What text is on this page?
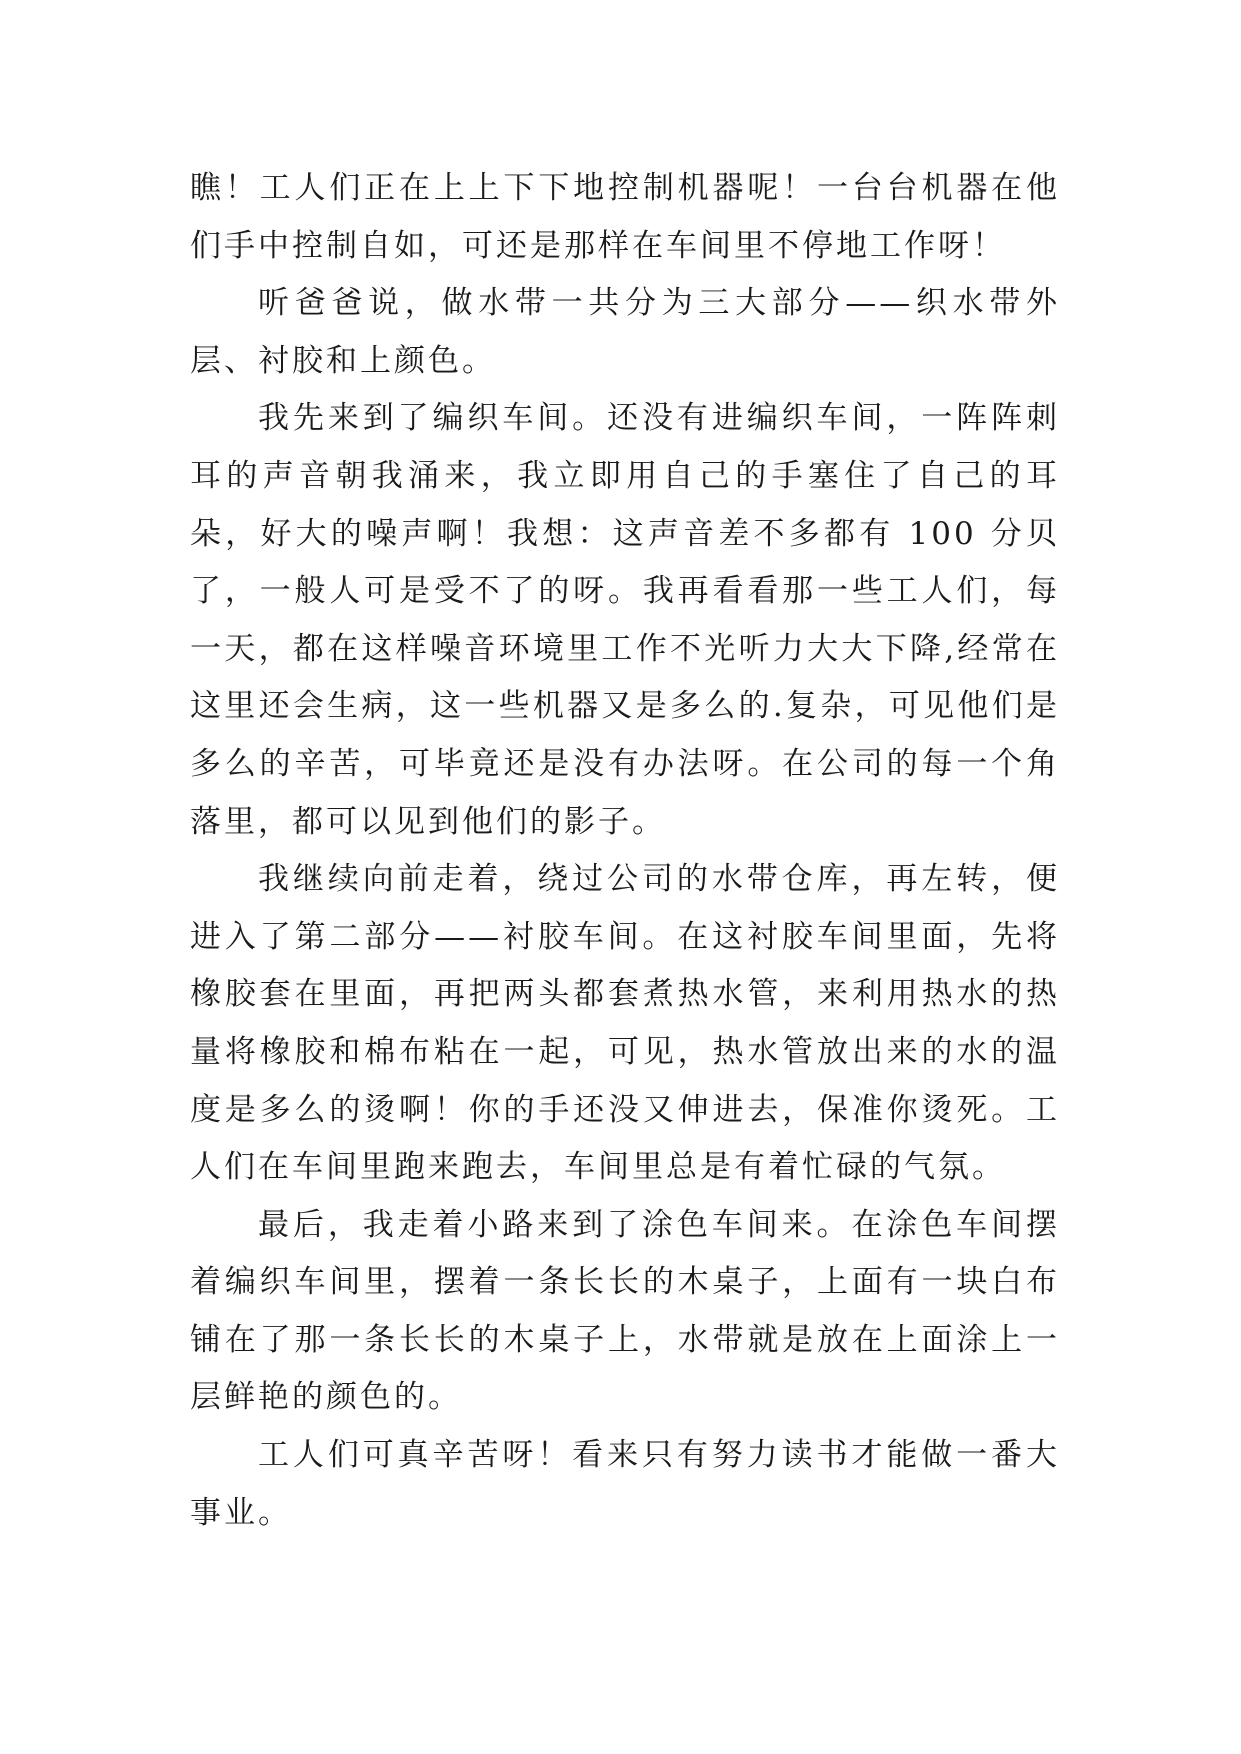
瞧！工人们正在上上下下地控制机器呢！一台台机器在他们手中控制自如，可还是那样在车间里不停地工作呀！

听爸爸说，做水带一共分为三大部分——织水带外层、衬胶和上颜色。

我先来到了编织车间。还没有进编织车间，一阵阵刺耳的声音朝我涌来，我立即用自己的手塞住了自己的耳朵，好大的噪声啊！我想：这声音差不多都有 100 分贝了，一般人可是受不了的呀。我再看看那一些工人们，每一天，都在这样噪音环境里工作不光听力大大下降,经常在这里还会生病，这一些机器又是多么的.复杂，可见他们是多么的辛苦，可毕竟还是没有办法呀。在公司的每一个角落里，都可以见到他们的影子。

我继续向前走着，绕过公司的水带仓库，再左转，便进入了第二部分——衬胶车间。在这衬胶车间里面，先将橡胶套在里面，再把两头都套煮热水管，来利用热水的热量将橡胶和棉布粘在一起，可见，热水管放出来的水的温度是多么的烫啊！你的手还没又伸进去，保准你烫死。工人们在车间里跑来跑去，车间里总是有着忙碌的气氛。

最后，我走着小路来到了涂色车间来。在涂色车间摆着编织车间里，摆着一条长长的木桌子，上面有一块白布铺在了那一条长长的木桌子上，水带就是放在上面涂上一层鲜艳的颜色的。

工人们可真辛苦呀！看来只有努力读书才能做一番大事业。
